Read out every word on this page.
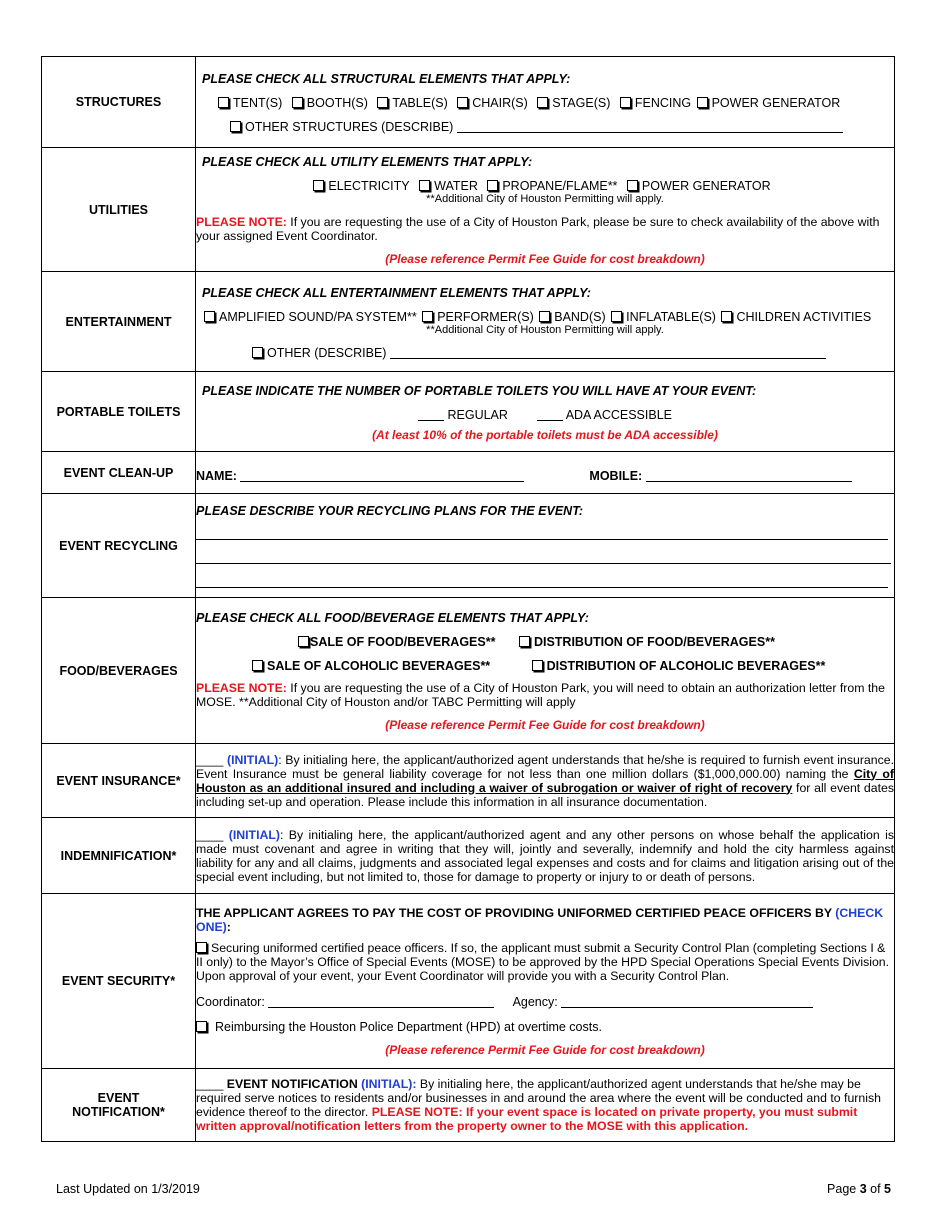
STRUCTURES	PLEASE CHECK ALL STRUCTURAL ELEMENTS THAT APPLY:
TENT(S) BOOTH(S) TABLE(S) CHAIR(S) STAGE(S) FENCING POWER GENERATOR
OTHER STRUCTURES (DESCRIBE)

UTILITIES	PLEASE CHECK ALL UTILITY ELEMENTS THAT APPLY:
ELECTRICITY WATER PROPANE/FLAME** POWER GENERATOR
**Additional City of Houston Permitting will apply.
PLEASE NOTE: If you are requesting the use of a City of Houston Park, please be sure to check availability of the above with your assigned Event Coordinator.
(Please reference Permit Fee Guide for cost breakdown)

ENTERTAINMENT	PLEASE CHECK ALL ENTERTAINMENT ELEMENTS THAT APPLY:
AMPLIFIED SOUND/PA SYSTEM** PERFORMER(S) BAND(S) INFLATABLE(S) CHILDREN ACTIVITIES
**Additional City of Houston Permitting will apply.
OTHER (DESCRIBE)

PORTABLE TOILETS	PLEASE INDICATE THE NUMBER OF PORTABLE TOILETS YOU WILL HAVE AT YOUR EVENT:
REGULAR ADA ACCESSIBLE
(At least 10% of the portable toilets must be ADA accessible)

EVENT CLEAN-UP	NAME: MOBILE:

EVENT RECYCLING	PLEASE DESCRIBE YOUR RECYCLING PLANS FOR THE EVENT:

FOOD/BEVERAGES	PLEASE CHECK ALL FOOD/BEVERAGE ELEMENTS THAT APPLY:
SALE OF FOOD/BEVERAGES** DISTRIBUTION OF FOOD/BEVERAGES**
SALE OF ALCOHOLIC BEVERAGES** DISTRIBUTION OF ALCOHOLIC BEVERAGES**
PLEASE NOTE: If you are requesting the use of a City of Houston Park, you will need to obtain an authorization letter from the MOSE. **Additional City of Houston and/or TABC Permitting will apply
(Please reference Permit Fee Guide for cost breakdown)

EVENT INSURANCE*	____ (INITIAL): By initialing here, the applicant/authorized agent understands that he/she is required to furnish event insurance. Event Insurance must be general liability coverage for not less than one million dollars ($1,000,000.00) naming the City of Houston as an additional insured and including a waiver of subrogation or waiver of right of recovery for all event dates including set-up and operation. Please include this information in all insurance documentation.

INDEMNIFICATION*	____ (INITIAL): By initialing here, the applicant/authorized agent and any other persons on whose behalf the application is made must covenant and agree in writing that they will, jointly and severally, indemnify and hold the city harmless against liability for any and all claims, judgments and associated legal expenses and costs and for claims and litigation arising out of the special event including, but not limited to, those for damage to property or injury to or death of persons.

EVENT SECURITY*	THE APPLICANT AGREES TO PAY THE COST OF PROVIDING UNIFORMED CERTIFIED PEACE OFFICERS BY (CHECK ONE):
Securing uniformed certified peace officers. If so, the applicant must submit a Security Control Plan (completing Sections I & II only) to the Mayor’s Office of Special Events (MOSE) to be approved by the HPD Special Operations Special Events Division. Upon approval of your event, your Event Coordinator will provide you with a Security Control Plan.
Coordinator: Agency:
Reimbursing the Houston Police Department (HPD) at overtime costs.
(Please reference Permit Fee Guide for cost breakdown)

EVENT
NOTIFICATION*	____ EVENT NOTIFICATION (INITIAL): By initialing here, the applicant/authorized agent understands that he/she may be required serve notices to residents and/or businesses in and around the area where the event will be conducted and to furnish evidence thereof to the director. PLEASE NOTE: If your event space is located on private property, you must submit written approval/notification letters from the property owner to the MOSE with this application.
Last Updated on 1/3/2019	Page 3 of 5
